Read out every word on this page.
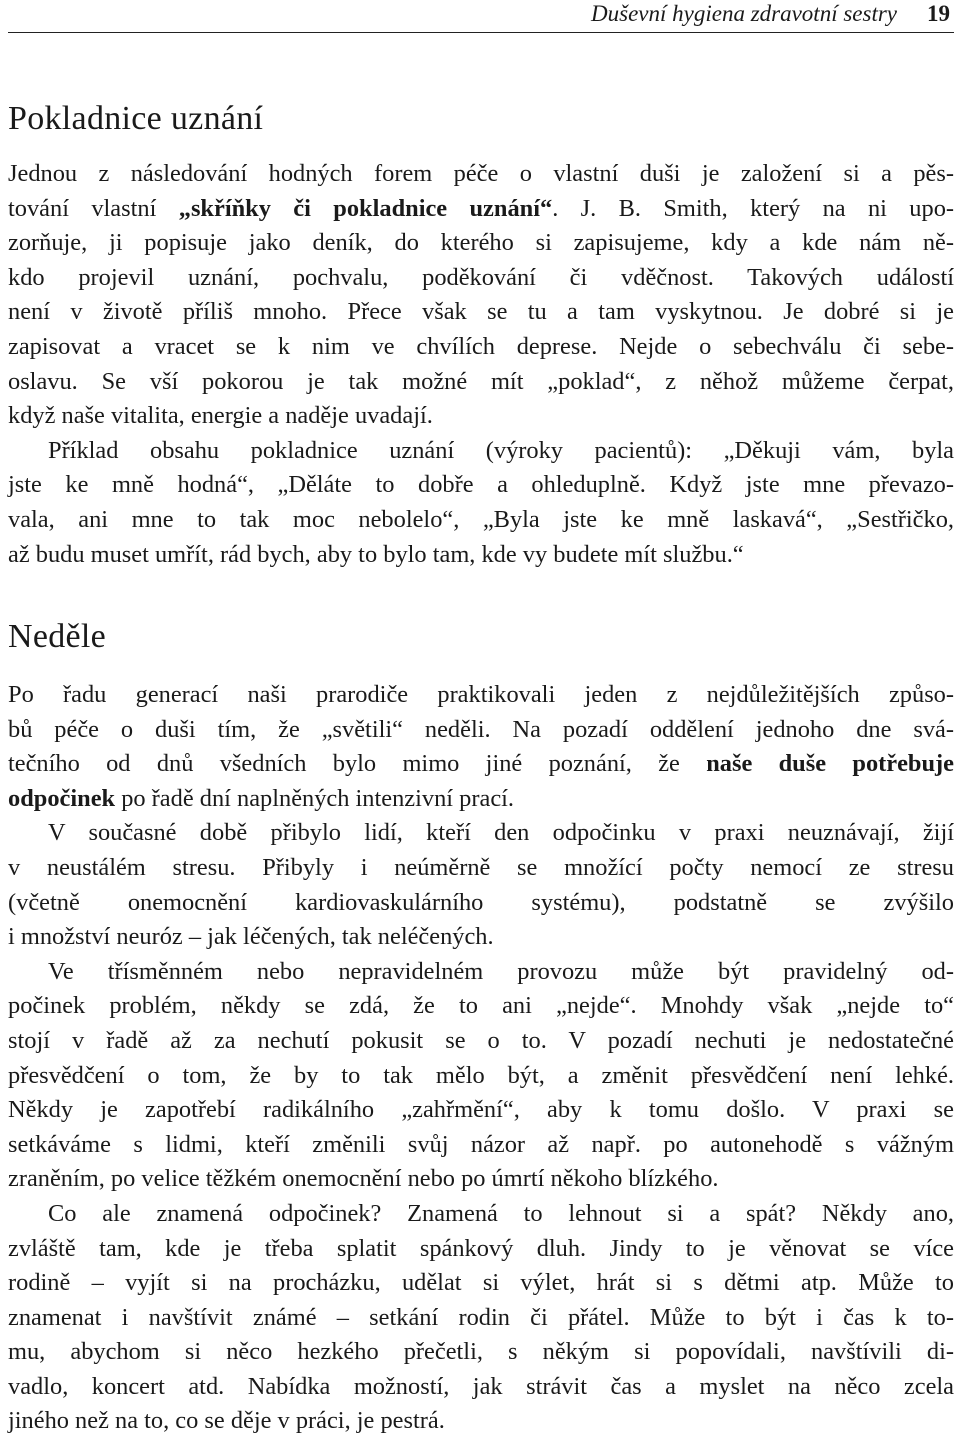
Duševní hygiena zdravotní sestry 19
Pokladnice uznání
Jednou z následování hodných forem péče o vlastní duši je založení si a pěs-
tování vlastní „skříňky či pokladnice uznání“. J. B. Smith, který na ni upo-
zorňuje, ji popisuje jako deník, do kterého si zapisujeme, kdy a kde nám ně-
kdo projevil uznání, pochvalu, poděkování či vděčnost. Takových událostí
není v životě příliš mnoho. Přece však se tu a tam vyskytnou. Je dobré si je
zapisovat a vracet se k nim ve chvílích deprese. Nejde o sebechválu či sebe-
oslavu. Se vší pokorou je tak možné mít „poklad“, z něhož můžeme čerpat,
když naše vitalita, energie a naděje uvadají.
Příklad obsahu pokladnice uznání (výroky pacientů): „Děkuji vám, byla
jste ke mně hodná“, „Děláte to dobře a ohleduplně. Když jste mne převazo-
vala, ani mne to tak moc nebolelo“, „Byla jste ke mně laskavá“, „Sestřičko,
až budu muset umřít, rád bych, aby to bylo tam, kde vy budete mít službu.“
Neděle
Po řadu generací naši prarodiče praktikovali jeden z nejdůležitějších způso-
bů péče o duši tím, že „světili“ neděli. Na pozadí oddělení jednoho dne svá-
tečního od dnů všedních bylo mimo jiné poznání, že naše duše potřebuje
odpočinek po řadě dní naplněných intenzivní prací.
V současné době přibylo lidí, kteří den odpočinku v praxi neuznávají, žijí
v neustálém stresu. Přibyly i neúměrně se množící počty nemocí ze stresu
(včetně onemocnění kardiovaskulárního systému), podstatně se zvýšilo
i množství neuróz – jak léčených, tak neléčených.
Ve třísměnném nebo nepravidelném provozu může být pravidelný od-
počinek problém, někdy se zdá, že to ani „nejde“. Mnohdy však „nejde to“
stojí v řadě až za nechutí pokusit se o to. V pozadí nechuti je nedostatečné
přesvědčení o tom, že by to tak mělo být, a změnit přesvědčení není lehké.
Někdy je zapotřebí radikálního „zahřmění“, aby k tomu došlo. V praxi se
setkáváme s lidmi, kteří změnili svůj názor až např. po autonehodě s vážným
zraněním, po velice těžkém onemocnění nebo po úmrtí někoho blízkého.
Co ale znamená odpočinek? Znamená to lehnout si a spát? Někdy ano,
zvláště tam, kde je třeba splatit spánkový dluh. Jindy to je věnovat se více
rodině – vyjít si na procházku, udělat si výlet, hrát si s dětmi atp. Může to
znamenat i navštívit známé – setkání rodin či přátel. Může to být i čas k to-
mu, abychom si něco hezkého přečetli, s někým si popovídali, navštívili di-
vadlo, koncert atd. Nabídka možností, jak strávit čas a myslet na něco zcela
jiného než na to, co se děje v práci, je pestrá.
